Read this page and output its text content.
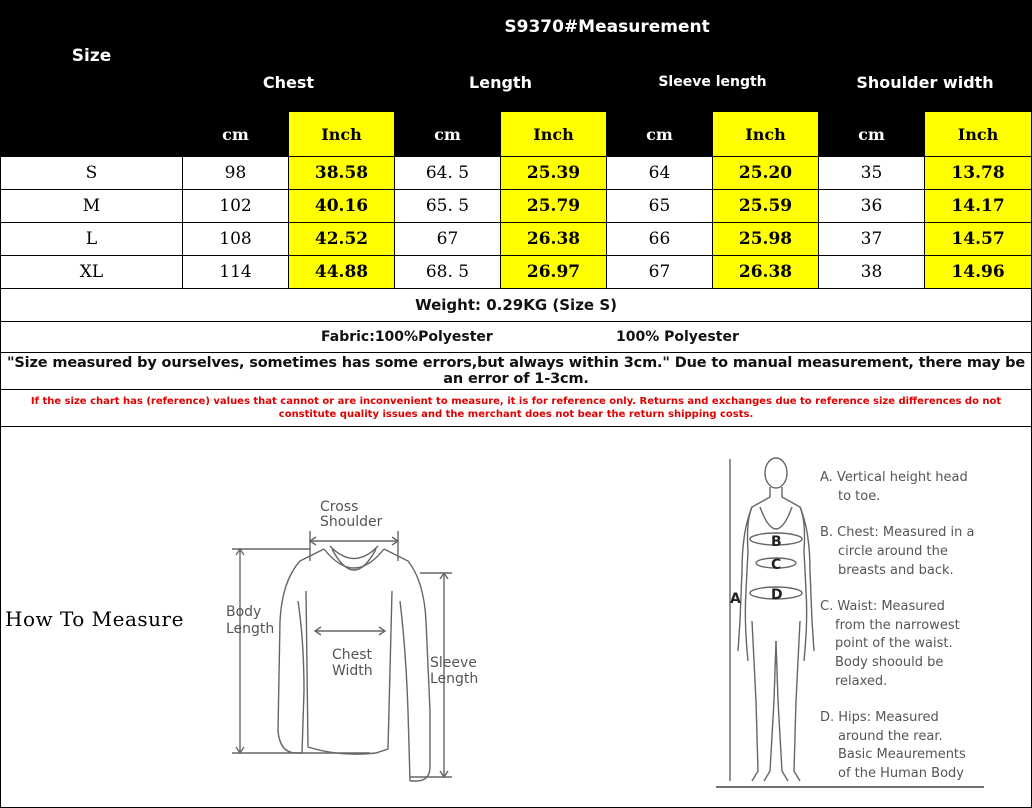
Size	S9370#Measurement							
	Chest		Length		Sleeve length		Shoulder width	
	cm	Inch	cm	Inch	cm	Inch	cm	Inch
S	98	38.58	64. 5	25.39	64	25.20	35	13.78
M	102	40.16	65. 5	25.79	65	25.59	36	14.17
L	108	42.52	67	26.38	66	25.98	37	14.57
XL	114	44.88	68. 5	26.97	67	26.38	38	14.96
Weight: 0.29KG (Size S)								

Fabric:100%Polyester 100% Polyester								

"Size measured by ourselves, sometimes has some errors,but always within 3cm." Due to manual measurement, there may be an error of 1-3cm.								

If the size chart has (reference) values that cannot or are inconvenient to measure, it is for reference only. Returns and exchanges due to reference size differences do not
constitute quality issues and the merchant does not bear the return shipping costs.								
How To Measure
Cross
Shoulder
Body
Length
Chest
Width	Sleeve
Length
A
B
C
D
A. Vertical height head
to toe.
B. Chest: Measured in a
circle around the
breasts and back.
C. Waist: Measured
from the narrowest
point of the waist.
Body shoould be
relaxed.
D. Hips: Measured
around the rear.
Basic Meaurements
of the Human Body
